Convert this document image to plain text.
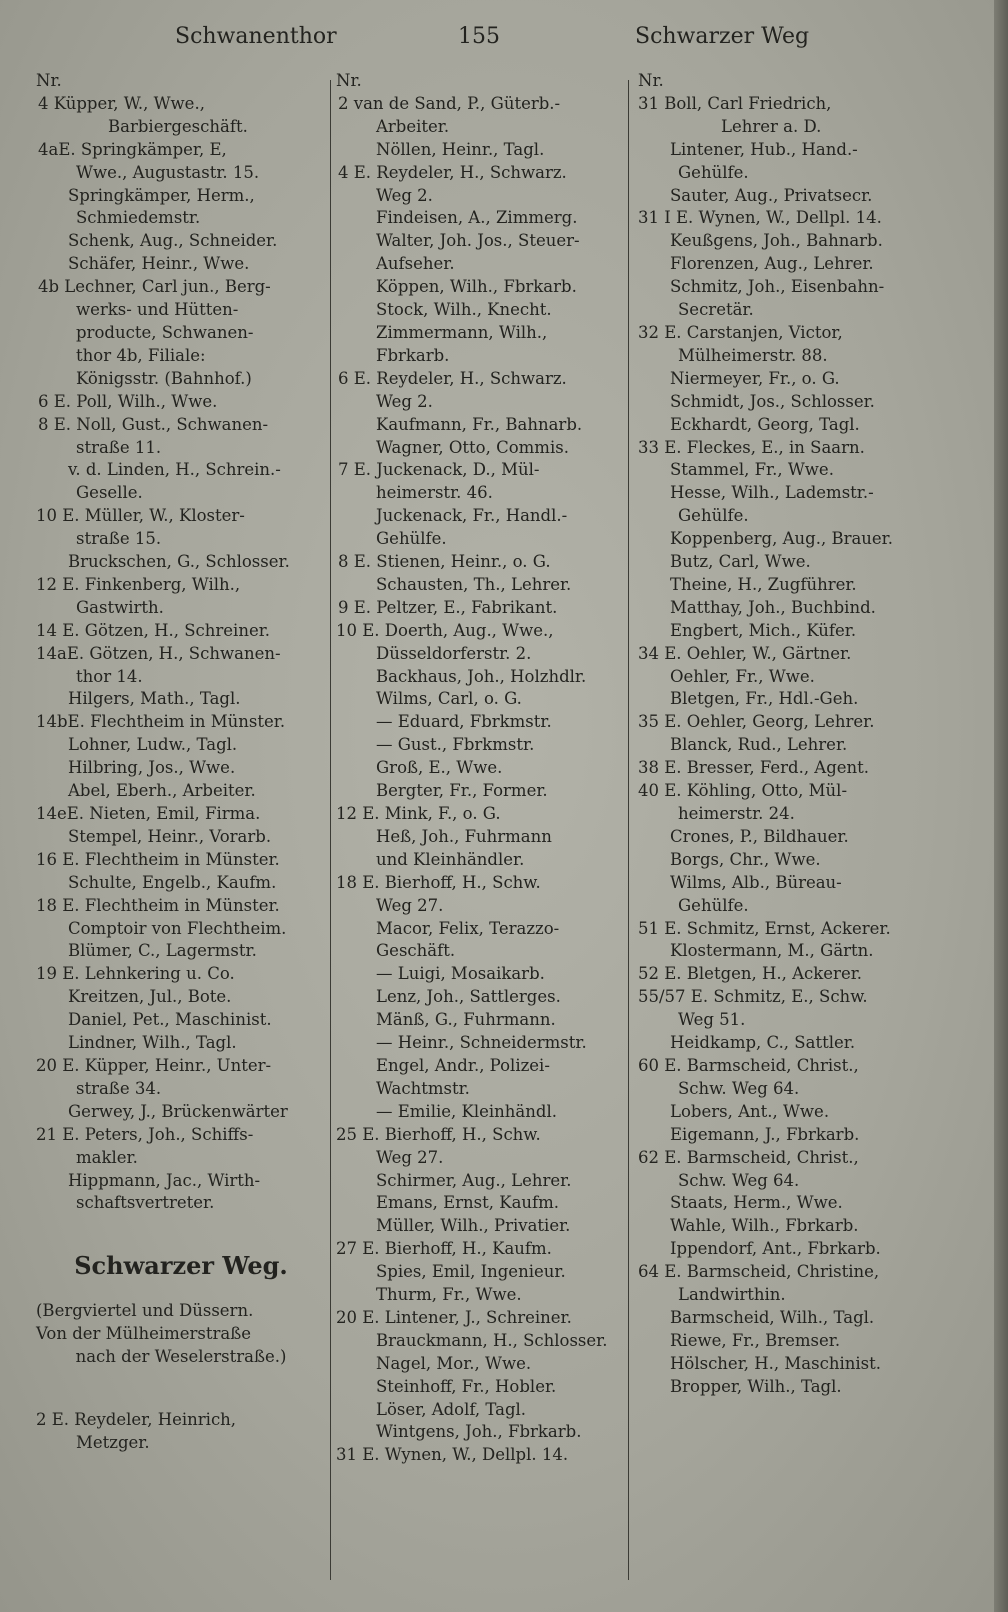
Schwanenthor	155	Schwarzer Weg
Nr.
4 Küpper, W., Wwe.,
Barbiergeschäft.
4aE. Springkämper, E,
Wwe., Augustastr. 15.
Springkämper, Herm.,
Schmiedemstr.
Schenk, Aug., Schneider.
Schäfer, Heinr., Wwe.
4b Lechner, Carl jun., Berg-
werks- und Hütten-
producte, Schwanen-
thor 4b, Filiale:
Königsstr. (Bahnhof.)
6 E. Poll, Wilh., Wwe.
8 E. Noll, Gust., Schwanen-
straße 11.
v. d. Linden, H., Schrein.-
Geselle.
10 E. Müller, W., Kloster-
straße 15.
Bruckschen, G., Schlosser.
12 E. Finkenberg, Wilh.,
Gastwirth.
14 E. Götzen, H., Schreiner.
14aE. Götzen, H., Schwanen-
thor 14.
Hilgers, Math., Tagl.
14bE. Flechtheim in Münster.
Lohner, Ludw., Tagl.
Hilbring, Jos., Wwe.
Abel, Eberh., Arbeiter.
14eE. Nieten, Emil, Firma.
Stempel, Heinr., Vorarb.
16 E. Flechtheim in Münster.
Schulte, Engelb., Kaufm.
18 E. Flechtheim in Münster.
Comptoir von Flechtheim.
Blümer, C., Lagermstr.
19 E. Lehnkering u. Co.
Kreitzen, Jul., Bote.
Daniel, Pet., Maschinist.
Lindner, Wilh., Tagl.
20 E. Küpper, Heinr., Unter-
straße 34.
Gerwey, J., Brückenwärter
21 E. Peters, Joh., Schiffs-
makler.
Hippmann, Jac., Wirth-
schaftsvertreter.
Schwarzer Weg.
(Bergviertel und Düssern.
Von der Mülheimerstraße
nach der Weselerstraße.)
2 E. Reydeler, Heinrich,
Metzger.
Nr.
2 van de Sand, P., Güterb.-
Arbeiter.
Nöllen, Heinr., Tagl.
4 E. Reydeler, H., Schwarz.
Weg 2.
Findeisen, A., Zimmerg.
Walter, Joh. Jos., Steuer-
Aufseher.
Köppen, Wilh., Fbrkarb.
Stock, Wilh., Knecht.
Zimmermann, Wilh.,
Fbrkarb.
6 E. Reydeler, H., Schwarz.
Weg 2.
Kaufmann, Fr., Bahnarb.
Wagner, Otto, Commis.
7 E. Juckenack, D., Mül-
heimerstr. 46.
Juckenack, Fr., Handl.-
Gehülfe.
8 E. Stienen, Heinr., o. G.
Schausten, Th., Lehrer.
9 E. Peltzer, E., Fabrikant.
10 E. Doerth, Aug., Wwe.,
Düsseldorferstr. 2.
Backhaus, Joh., Holzhdlr.
Wilms, Carl, o. G.
— Eduard, Fbrkmstr.
— Gust., Fbrkmstr.
Groß, E., Wwe.
Bergter, Fr., Former.
12 E. Mink, F., o. G.
Heß, Joh., Fuhrmann
und Kleinhändler.
18 E. Bierhoff, H., Schw.
Weg 27.
Macor, Felix, Terazzo-
Geschäft.
— Luigi, Mosaikarb.
Lenz, Joh., Sattlerges.
Mänß, G., Fuhrmann.
— Heinr., Schneidermstr.
Engel, Andr., Polizei-
Wachtmstr.
— Emilie, Kleinhändl.
25 E. Bierhoff, H., Schw.
Weg 27.
Schirmer, Aug., Lehrer.
Emans, Ernst, Kaufm.
Müller, Wilh., Privatier.
27 E. Bierhoff, H., Kaufm.
Spies, Emil, Ingenieur.
Thurm, Fr., Wwe.
20 E. Lintener, J., Schreiner.
Brauckmann, H., Schlosser.
Nagel, Mor., Wwe.
Steinhoff, Fr., Hobler.
Löser, Adolf, Tagl.
Wintgens, Joh., Fbrkarb.
31 E. Wynen, W., Dellpl. 14.
Nr.
31 Boll, Carl Friedrich,
Lehrer a. D.
Lintener, Hub., Hand.-
Gehülfe.
Sauter, Aug., Privatsecr.
31 I E. Wynen, W., Dellpl. 14.
Keußgens, Joh., Bahnarb.
Florenzen, Aug., Lehrer.
Schmitz, Joh., Eisenbahn-
Secretär.
32 E. Carstanjen, Victor,
Mülheimerstr. 88.
Niermeyer, Fr., o. G.
Schmidt, Jos., Schlosser.
Eckhardt, Georg, Tagl.
33 E. Fleckes, E., in Saarn.
Stammel, Fr., Wwe.
Hesse, Wilh., Lademstr.-
Gehülfe.
Koppenberg, Aug., Brauer.
Butz, Carl, Wwe.
Theine, H., Zugführer.
Matthay, Joh., Buchbind.
Engbert, Mich., Küfer.
34 E. Oehler, W., Gärtner.
Oehler, Fr., Wwe.
Bletgen, Fr., Hdl.-Geh.
35 E. Oehler, Georg, Lehrer.
Blanck, Rud., Lehrer.
38 E. Bresser, Ferd., Agent.
40 E. Köhling, Otto, Mül-
heimerstr. 24.
Crones, P., Bildhauer.
Borgs, Chr., Wwe.
Wilms, Alb., Büreau-
Gehülfe.
51 E. Schmitz, Ernst, Ackerer.
Klostermann, M., Gärtn.
52 E. Bletgen, H., Ackerer.
55/57 E. Schmitz, E., Schw.
Weg 51.
Heidkamp, C., Sattler.
60 E. Barmscheid, Christ.,
Schw. Weg 64.
Lobers, Ant., Wwe.
Eigemann, J., Fbrkarb.
62 E. Barmscheid, Christ.,
Schw. Weg 64.
Staats, Herm., Wwe.
Wahle, Wilh., Fbrkarb.
Ippendorf, Ant., Fbrkarb.
64 E. Barmscheid, Christine,
Landwirthin.
Barmscheid, Wilh., Tagl.
Riewe, Fr., Bremser.
Hölscher, H., Maschinist.
Bropper, Wilh., Tagl.
